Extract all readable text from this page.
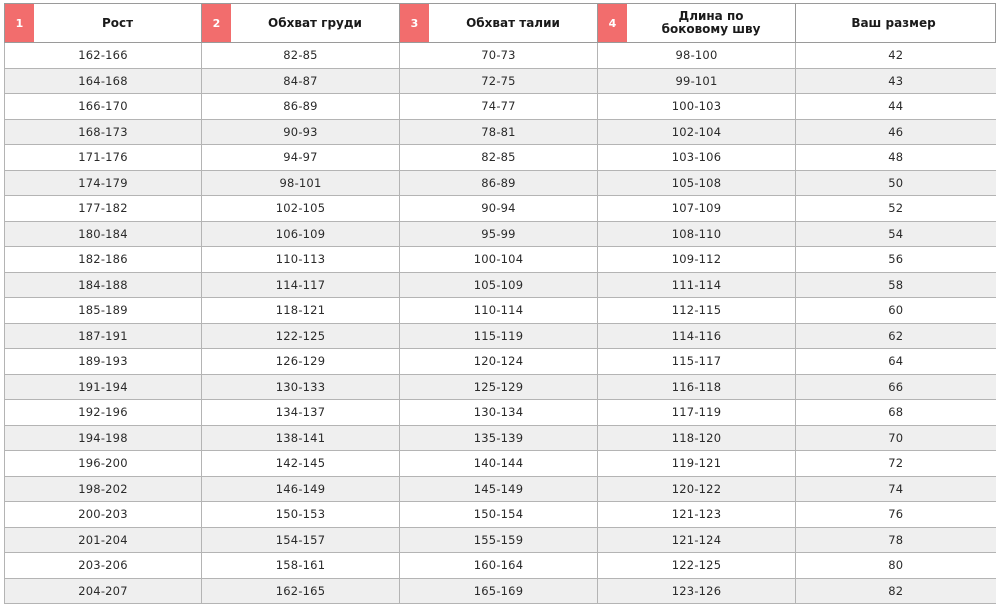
1 Рост	2 Обхват груди	3 Обхват талии	4 Длина по боковому шву	Ваш размер

162-166	82-85	70-73	98-100	42
164-168	84-87	72-75	99-101	43
166-170	86-89	74-77	100-103	44
168-173	90-93	78-81	102-104	46
171-176	94-97	82-85	103-106	48
174-179	98-101	86-89	105-108	50
177-182	102-105	90-94	107-109	52
180-184	106-109	95-99	108-110	54
182-186	110-113	100-104	109-112	56
184-188	114-117	105-109	111-114	58
185-189	118-121	110-114	112-115	60
187-191	122-125	115-119	114-116	62
189-193	126-129	120-124	115-117	64
191-194	130-133	125-129	116-118	66
192-196	134-137	130-134	117-119	68
194-198	138-141	135-139	118-120	70
196-200	142-145	140-144	119-121	72
198-202	146-149	145-149	120-122	74
200-203	150-153	150-154	121-123	76
201-204	154-157	155-159	121-124	78
203-206	158-161	160-164	122-125	80
204-207	162-165	165-169	123-126	82
